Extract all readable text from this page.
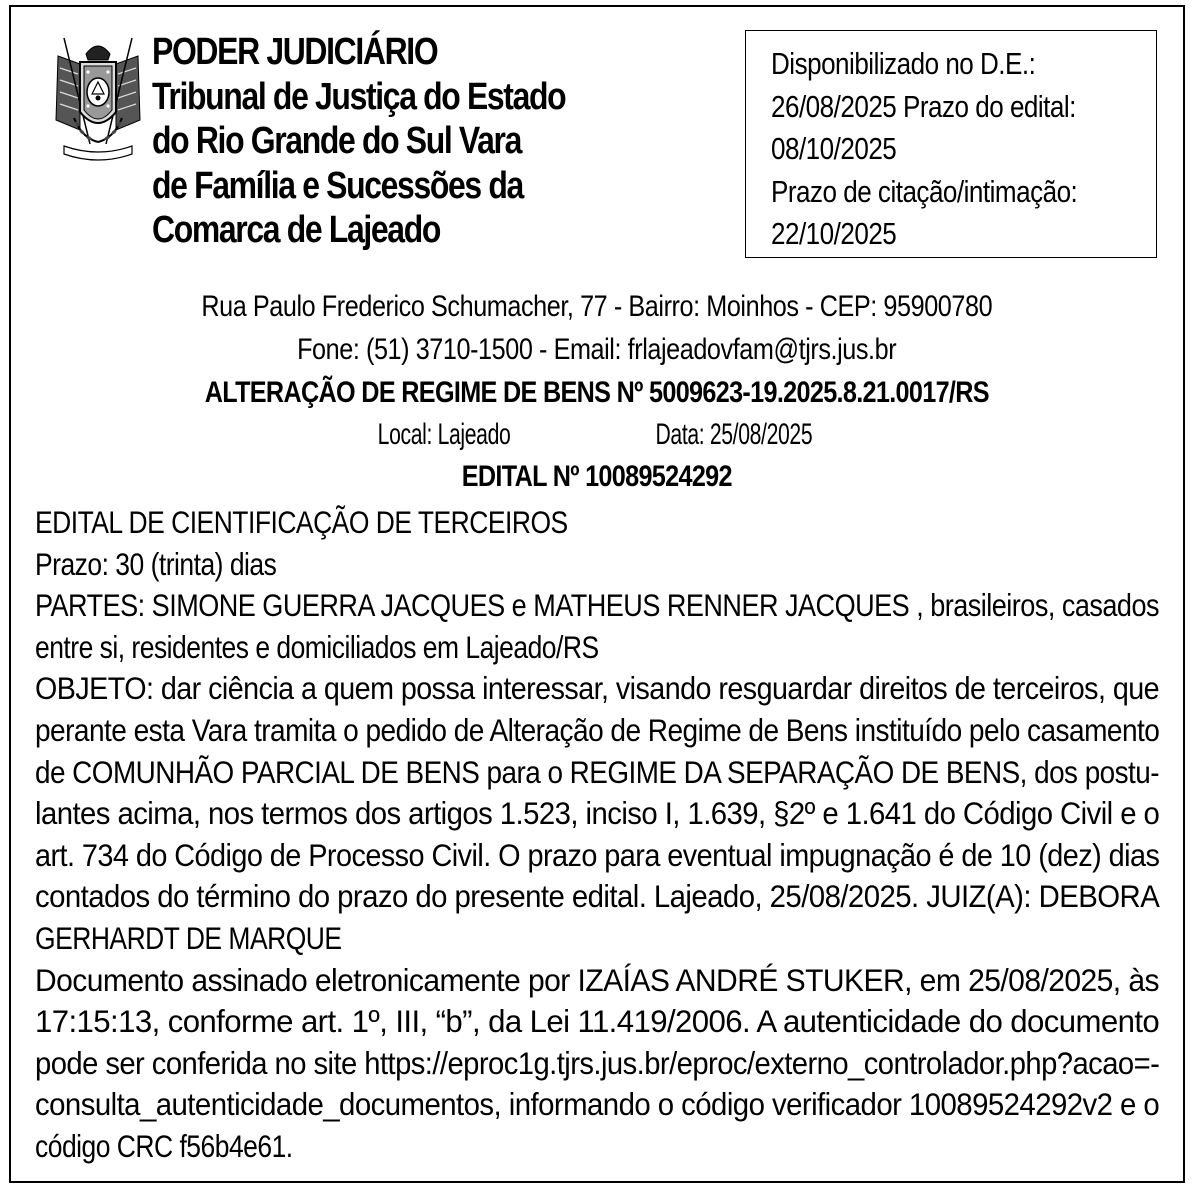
PODER JUDICIÁRIO
Tribunal de Justiça do Estado
do Rio Grande do Sul Vara
de Família e Sucessões da
Comarca de Lajeado
Disponibilizado no D.E.:
26/08/2025 Prazo do edital:
08/10/2025
Prazo de citação/intimação:
22/10/2025
Rua Paulo Frederico Schumacher, 77 - Bairro: Moinhos - CEP: 95900780
Fone: (51) 3710-1500 - Email: frlajeadovfam@tjrs.jus.br
ALTERAÇÃO DE REGIME DE BENS Nº 5009623-19.2025.8.21.0017/RS
Local: Lajeado	Data: 25/08/2025
EDITAL Nº 10089524292
EDITAL DE CIENTIFICAÇÃO DE TERCEIROS
Prazo: 30 (trinta) dias
PARTES: SIMONE GUERRA JACQUES e MATHEUS RENNER JACQUES , brasileiros, casados
entre si, residentes e domiciliados em Lajeado/RS
OBJETO: dar ciência a quem possa interessar, visando resguardar direitos de terceiros, que
perante esta Vara tramita o pedido de Alteração de Regime de Bens instituído pelo casamento
de COMUNHÃO PARCIAL DE BENS para o REGIME DA SEPARAÇÃO DE BENS, dos postu-
lantes acima, nos termos dos artigos 1.523, inciso I, 1.639, §2º e 1.641 do Código Civil e o
art. 734 do Código de Processo Civil. O prazo para eventual impugnação é de 10 (dez) dias
contados do término do prazo do presente edital. Lajeado, 25/08/2025. JUIZ(A): DEBORA
GERHARDT DE MARQUE
Documento assinado eletronicamente por IZAÍAS ANDRÉ STUKER, em 25/08/2025, às
17:15:13, conforme art. 1º, III, “b”, da Lei 11.419/2006. A autenticidade do documento
pode ser conferida no site https://eproc1g.tjrs.jus.br/eproc/externo_controlador.php?acao=-
consulta_autenticidade_documentos, informando o código verificador 10089524292v2 e o
código CRC f56b4e61.
